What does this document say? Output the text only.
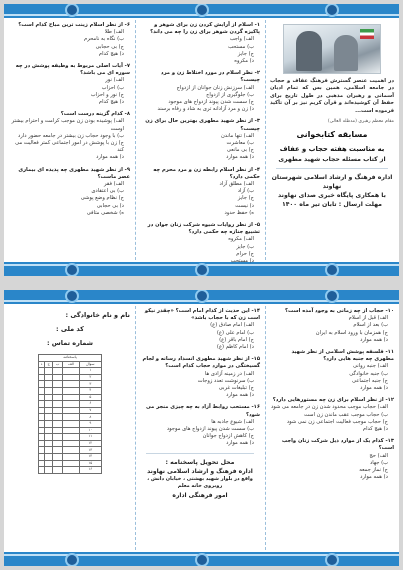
در اهمیت عنصر گسترش فرهنگ عفاف و حجاب در جامعه اسلامی، همین بس که تمام ادیان آسمانی و رهبران مذهبی در طول تاریخ برای حفظ آن کوشیده‌اند و قرآن کریم نیز بر آن تأکید فرموده است...
مقام معظم رهبری (مدظله العالی)
مسابقه کتابخوانی
به مناسبت هفته حجاب و عفاف
از کتاب مسئله حجاب شهید مطهری
اداره فرهنگ و ارشاد اسلامی شهرستان نهاوند
با همکاری پایگاه خبری صدای نهاوند
مهلت ارسال : تابان تیر ماه ۱۴۰۰
۱- اسلام از آرایش کردن زن برای شوهر و پاکیزه گردن شوهر برای زن را چه می داند؟
الف) واجب
ب) مستحب
ج) جایز
د) مکروه
۲- نظر اسلام در مورد اختلاط زن و مرد چیست؟
الف) سرزنش زنان جوانان از ازدواج
ب) جلوگیری از ازدواج
ج) سست شدن پیوند ازدواج های موجود
د) زن و مرد آزادانه تری به شاد و رفاه برسند
۳- از نظر شهید مطهری بهترین حال برای زن چیست؟
الف) تنها ماندن
ب) معاشرت
ج) بی مانعی
د) همه موارد
۴- از نظر اسلام رابطه زن و مرد محرم چه حکمی دارد؟
الف) مطلق آزاد
ب) آزاد
ج) جایز
د) نیست
ه) حفظ حدود
۵- از نظر روایات شیوه شرکت زنان جوان در تشییع جنازه چه حکمی دارد؟
الف) مکروه
ب) جایز
ج) حرام
د) مستحب
۶- از نظر اسلام زینت ترین مباح کدام است؟
الف) طلا
ب) نگاه به نامحرم
ج) بی حجابی
د) هیچ کدام
۷- آیات اصلی مربوط به وظیفه پوشش در چه سوره ای می باشد؟
الف) نور
ب) احزاب
ج) نور و احزاب
د) هیچ کدام
۸- کدام گزینه درست است؟
الف) پوشیده بودن زن موجب کرامت و احترام بیشتر اوست
ب) با وجود حجاب زن بیشتر در جامعه حضور دارد
ج) زن با پوشش در امور اجتماعی کمتر فعالیت می کند
د) همه موارد
۹- از نظر شهید مطهری چه پدیده ای بیماری عصر ماست؟
الف) فقر
ب) بی اعتقادی
ج) نظام وضع پوشی
د) بی حجابی
ه) شخصی متافی
۱۰- حجاب از چه زمانی به وجود آمده است؟
الف) قبل از اسلام
ب) بعد از اسلام
ج) همزمان با ورود اسلام به ایران
د) همه موارد
۱۱- فلسفه پوشش اسلامی از نظر شهید مطهری چه جنبه هایی دارد؟
الف) جنبه روانی
ب) جنبه خانوادگی
ج) جنبه اجتماعی
د) همه موارد
۱۲- از نظر اسلام برای زن چه مستورهایی دارد؟
الف) حجاب موجب محدود شدن زن در جامعه می شود
ب) حجاب موجب عقب ماندن زن است
ج) حجاب موجب فعالیت اجتماعی زن نمی شود
د) هیچ کدام
۱۳- کدام یک از موارد ذیل شرکت زنان واجب است؟
الف) حج
ب) جهاد
ج) نماز جمعه
د) همه موارد
۱۴- این حدیث از کدام امام است؟ «چقدر نیکو است زن که با حجاب باشد»
الف) امام صادق (ع)
ب) امام علی (ع)
ج) امام باقر (ع)
د) امام کاظم (ع)
۱۵- از نظر شهید مطهری انسداد رسانه و لجام گسیختگی در موارد حجاب کدام است؟
الف) در زمینه آزادی ها
ب) سرنوشت تعدد زوجات
ج) تبلیغات غربی
د) همه موارد
۱۶- مستحب روابط آزاد به چه چیزی منجر می شود؟
الف) شیوع جاذبه ها
ب) سست شدن پیوند ازدواج های موجود
ج) کاهش ازدواج جوانان
د) همه موارد
محل تحویل پاسخنامه :
اداره فرهنگ و ارشاد اسلامی نهاوند
واقع در بلوار شهید بهشتی ، خیابان دانش ، روبروی خانه معلم
امور فرهنگی اداره
نام و نام خانوادگی :
کد ملی :
شماره تماس :
پاسخنامه				
سوال	الف	ب	ج	د
۱				
۲				
۳				
۴				
۵				
۶				
۷				
۸				
۹				
۱۰				
۱۱				
۱۲				
۱۳				
۱۴				
۱۵				
۱۶				
